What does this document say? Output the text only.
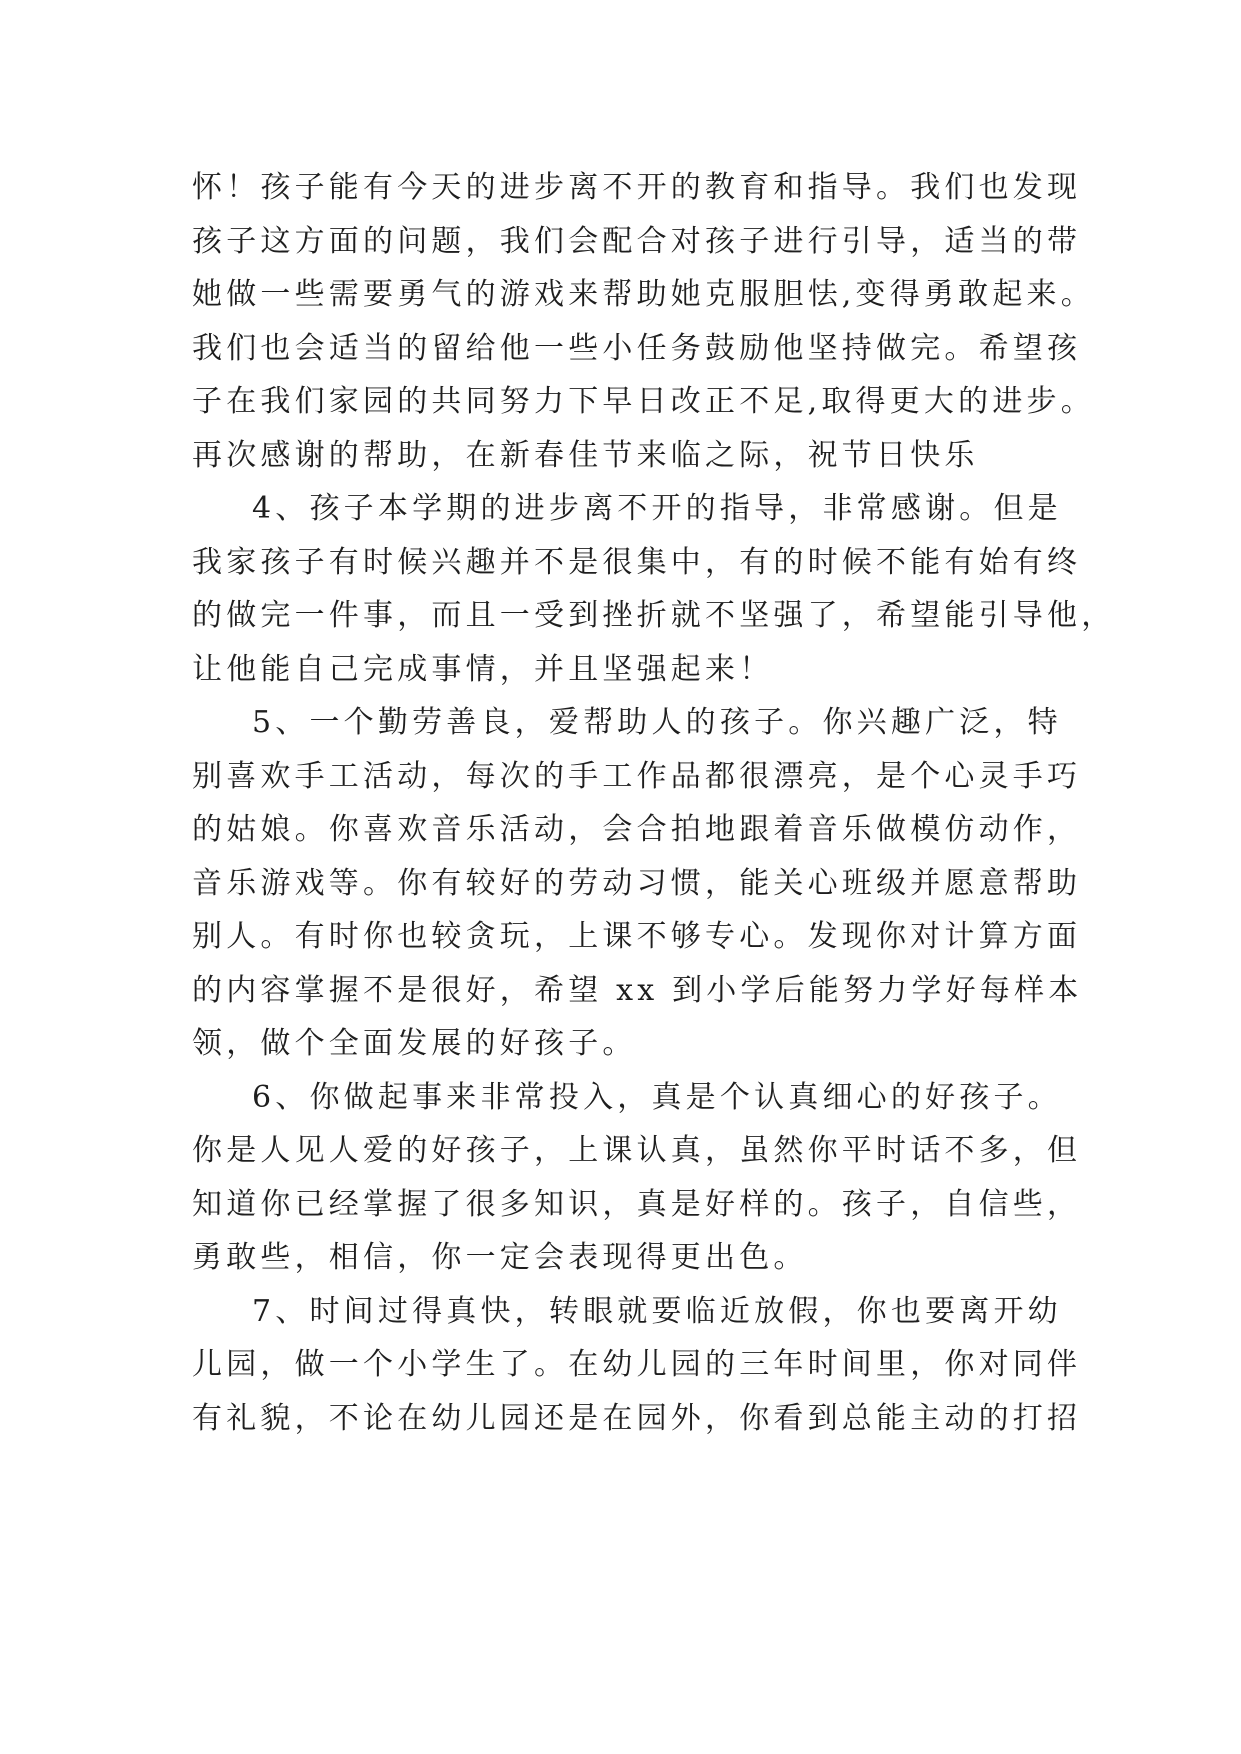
怀！孩子能有今天的进步离不开的教育和指导。我们也发现
孩子这方面的问题，我们会配合对孩子进行引导，适当的带
她做一些需要勇气的游戏来帮助她克服胆怯,变得勇敢起来。
我们也会适当的留给他一些小任务鼓励他坚持做完。希望孩
子在我们家园的共同努力下早日改正不足,取得更大的进步。
再次感谢的帮助，在新春佳节来临之际，祝节日快乐
4、孩子本学期的进步离不开的指导，非常感谢。但是
我家孩子有时候兴趣并不是很集中，有的时候不能有始有终
的做完一件事，而且一受到挫折就不坚强了，希望能引导他，
让他能自己完成事情，并且坚强起来！
5、一个勤劳善良，爱帮助人的孩子。你兴趣广泛，特
别喜欢手工活动，每次的手工作品都很漂亮，是个心灵手巧
的姑娘。你喜欢音乐活动，会合拍地跟着音乐做模仿动作，
音乐游戏等。你有较好的劳动习惯，能关心班级并愿意帮助
别人。有时你也较贪玩，上课不够专心。发现你对计算方面
的内容掌握不是很好，希望 xx 到小学后能努力学好每样本
领，做个全面发展的好孩子。
6、你做起事来非常投入，真是个认真细心的好孩子。
你是人见人爱的好孩子，上课认真，虽然你平时话不多，但
知道你已经掌握了很多知识，真是好样的。孩子，自信些，
勇敢些，相信，你一定会表现得更出色。
7、时间过得真快，转眼就要临近放假，你也要离开幼
儿园，做一个小学生了。在幼儿园的三年时间里，你对同伴
有礼貌，不论在幼儿园还是在园外，你看到总能主动的打招
